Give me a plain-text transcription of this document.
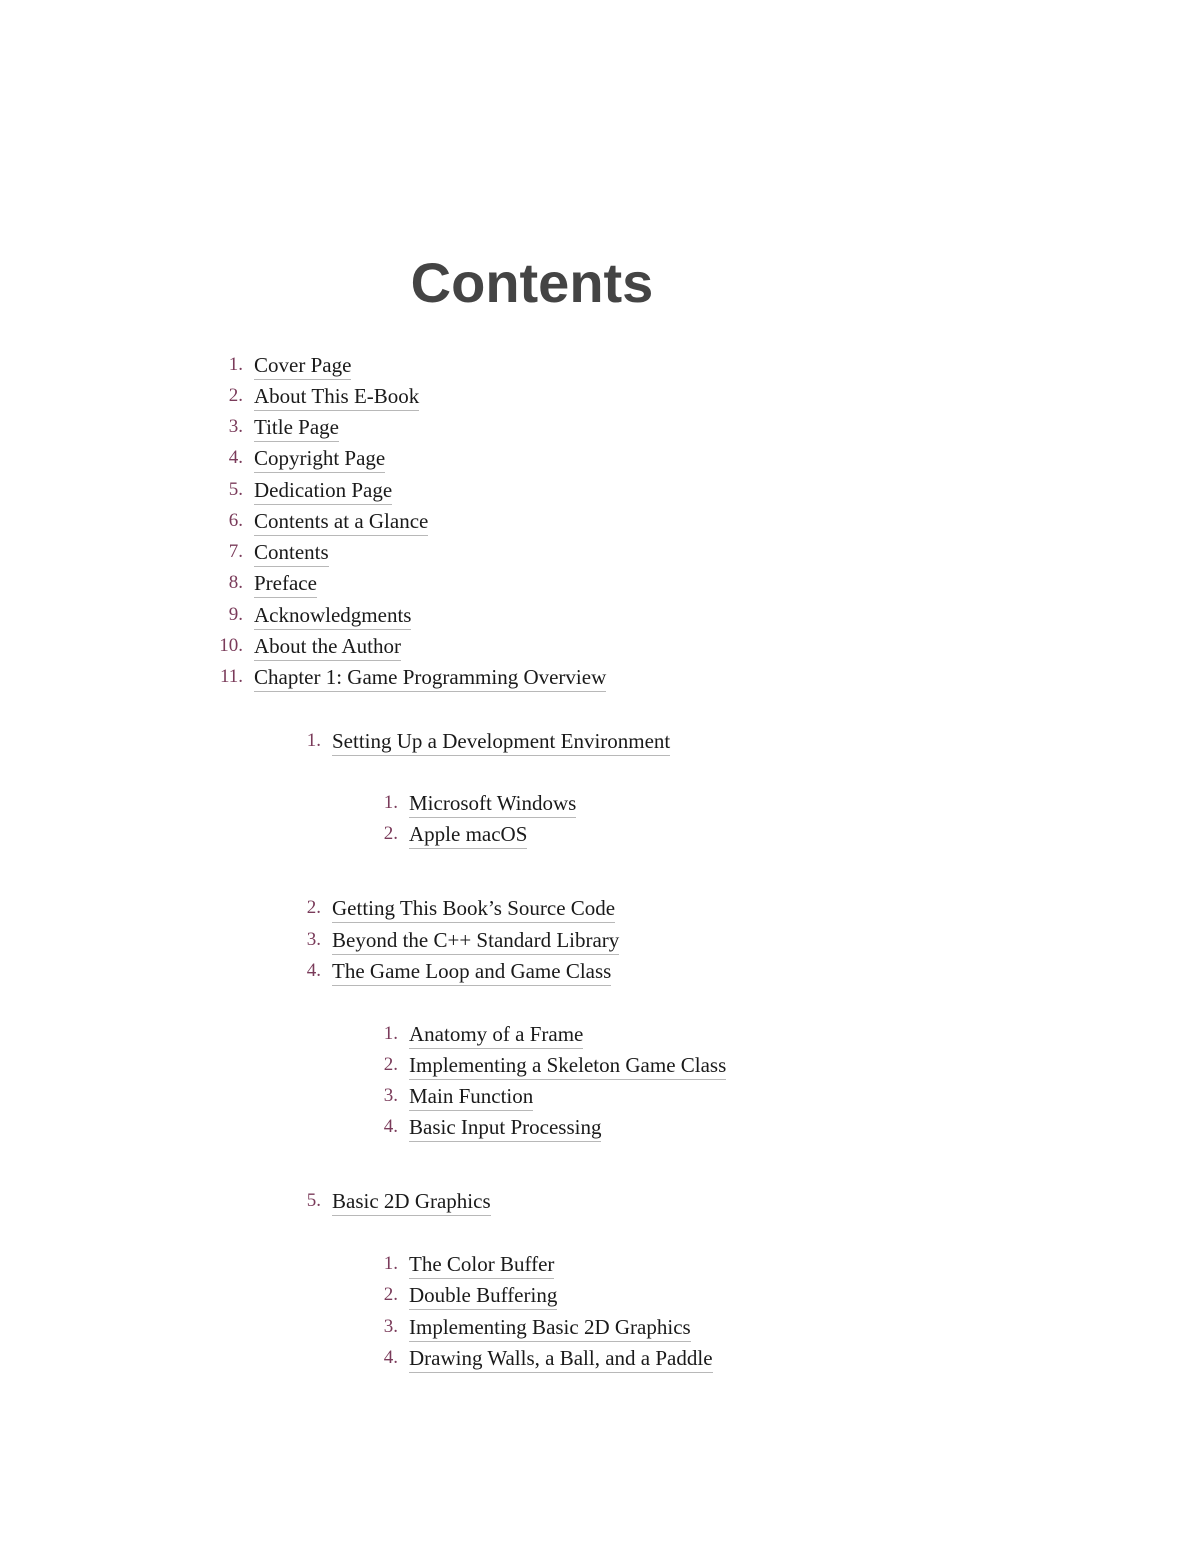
Contents
1. Cover Page
2. About This E-Book
3. Title Page
4. Copyright Page
5. Dedication Page
6. Contents at a Glance
7. Contents
8. Preface
9. Acknowledgments
10. About the Author
11. Chapter 1: Game Programming Overview
1. Setting Up a Development Environment
1. Microsoft Windows
2. Apple macOS
2. Getting This Book’s Source Code
3. Beyond the C++ Standard Library
4. The Game Loop and Game Class
1. Anatomy of a Frame
2. Implementing a Skeleton Game Class
3. Main Function
4. Basic Input Processing
5. Basic 2D Graphics
1. The Color Buffer
2. Double Buffering
3. Implementing Basic 2D Graphics
4. Drawing Walls, a Ball, and a Paddle
